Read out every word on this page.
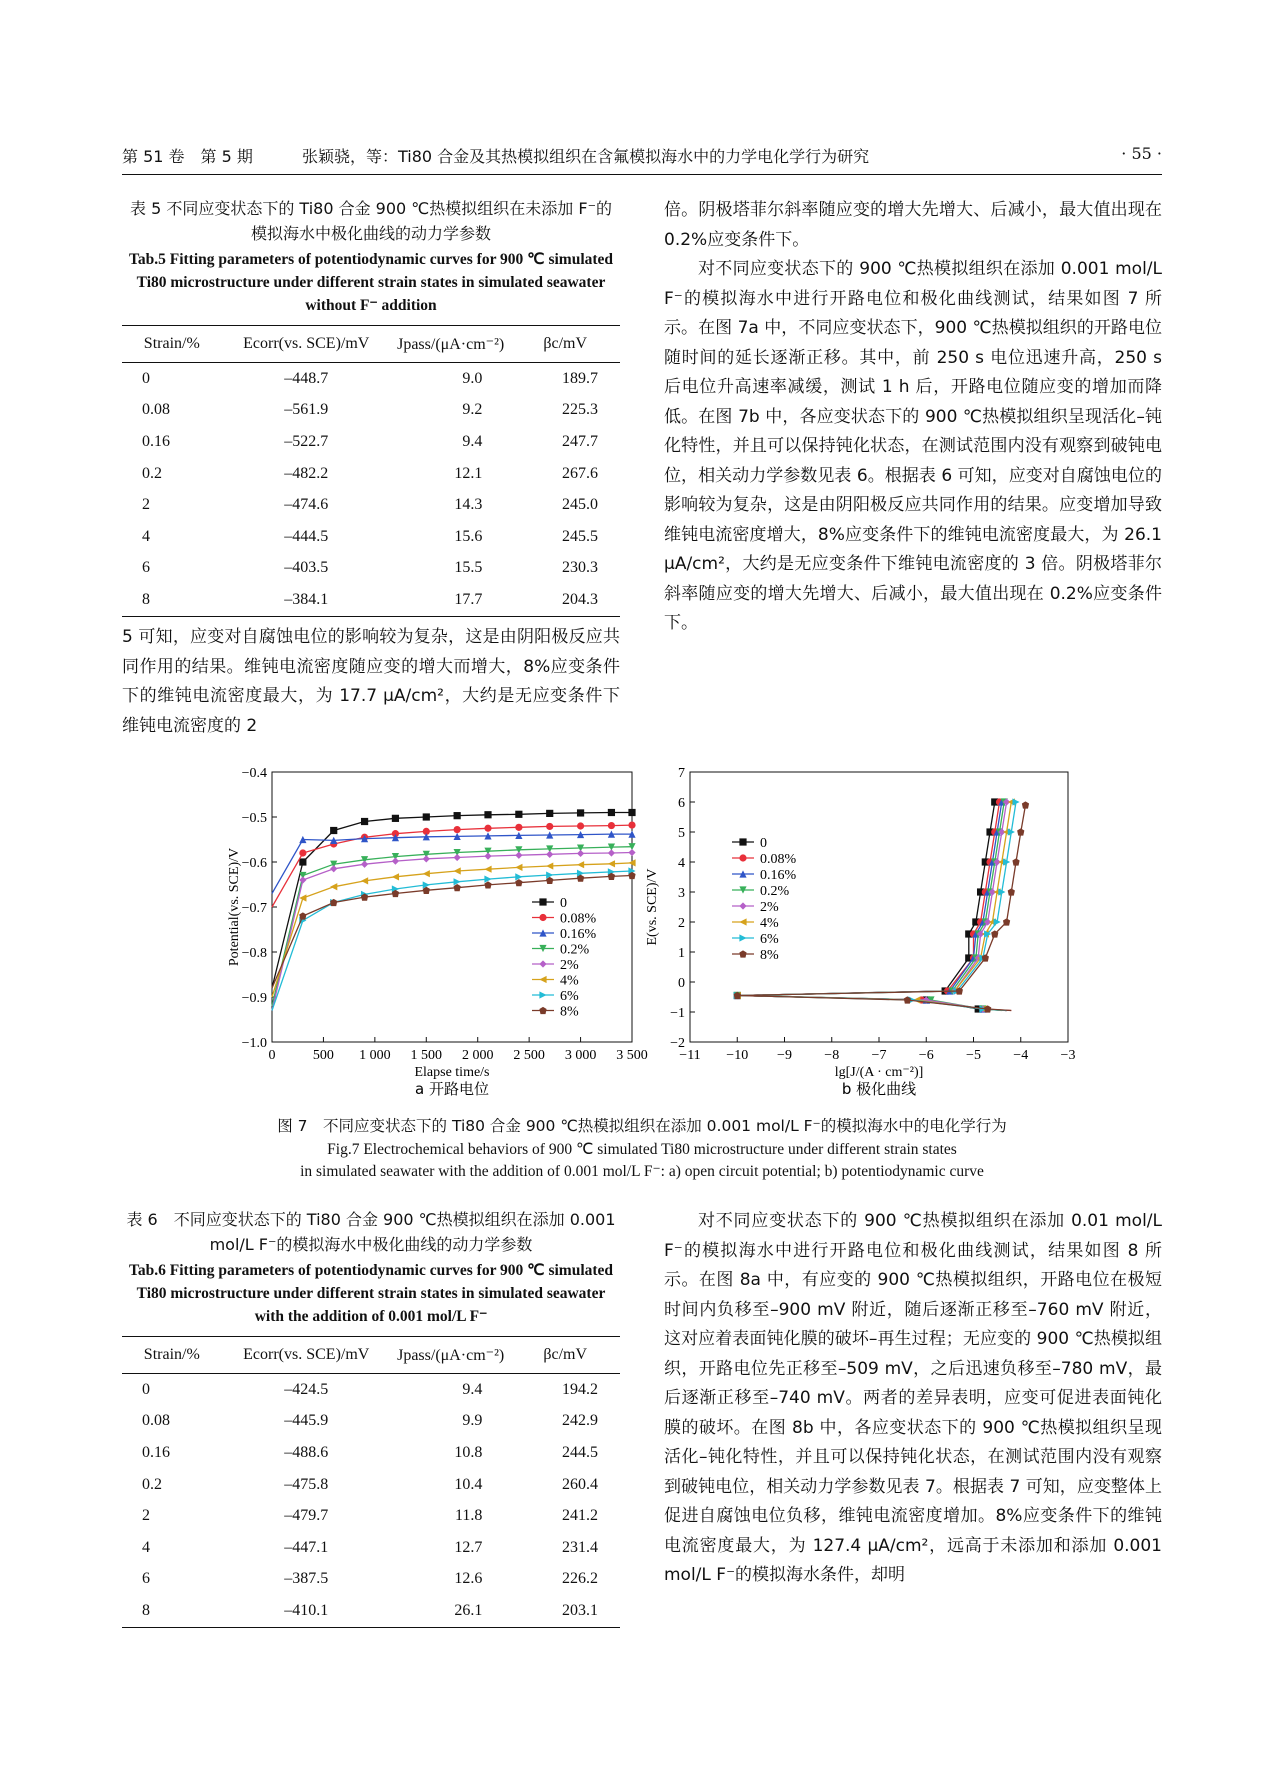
第 51 卷　第 5 期	张颖骁，等：Ti80 合金及其热模拟组织在含氟模拟海水中的力学电化学行为研究	· 55 ·
表 5 不同应变状态下的 Ti80 合金 900 ℃热模拟组织在未添加 F⁻的模拟海水中极化曲线的动力学参数
Tab.5 Fitting parameters of potentiodynamic curves for 900 ℃ simulated Ti80 microstructure under different strain states in simulated seawater without F⁻ addition
Strain/%	Ecorr(vs. SCE)/mV	Jpass/(μA·cm⁻²)	βc/mV
0	–448.7	9.0	189.7
0.08	–561.9	9.2	225.3
0.16	–522.7	9.4	247.7
0.2	–482.2	12.1	267.6
2	–474.6	14.3	245.0
4	–444.5	15.6	245.5
6	–403.5	15.5	230.3
8	–384.1	17.7	204.3

5 可知，应变对自腐蚀电位的影响较为复杂，这是由阴阳极反应共同作用的结果。维钝电流密度随应变的增大而增大，8%应变条件下的维钝电流密度最大，为 17.7 μA/cm²，大约是无应变条件下维钝电流密度的 2

倍。阴极塔菲尔斜率随应变的增大先增大、后减小，最大值出现在 0.2%应变条件下。

对不同应变状态下的 900 ℃热模拟组织在添加 0.001 mol/L F⁻的模拟海水中进行开路电位和极化曲线测试，结果如图 7 所示。在图 7a 中，不同应变状态下，900 ℃热模拟组织的开路电位随时间的延长逐渐正移。其中，前 250 s 电位迅速升高，250 s 后电位升高速率减缓，测试 1 h 后，开路电位随应变的增加而降低。在图 7b 中，各应变状态下的 900 ℃热模拟组织呈现活化–钝化特性，并且可以保持钝化状态，在测试范围内没有观察到破钝电位，相关动力学参数见表 6。根据表 6 可知，应变对自腐蚀电位的影响较为复杂，这是由阴阳极反应共同作用的结果。应变增加导致维钝电流密度增大，8%应变条件下的维钝电流密度最大，为 26.1 μA/cm²，大约是无应变条件下维钝电流密度的 3 倍。阴极塔菲尔斜率随应变的增大先增大、后减小，最大值出现在 0.2%应变条件下。

0	500 1 000 1 500 2 000 2 500 3 000 3 500
−1.0
−0.9
−0.8
−0.7
−0.6
−0.5
−0.4
Elapse time/s
Potential(vs. SCE)/V
a 开路电位
0
0.08%
0.16%
0.2%
2%
4%
6%
8%
−11 −10 −9 −8 −7 −6 −5 −4 −3
−2
−1
0
1
2
3
4
5
6
7
lg[J/(A · cm⁻²)]
E(vs. SCE)/V
b 极化曲线
0
0.08%
0.16%
0.2%
2%
4%
6%
8%
图 7　不同应变状态下的 Ti80 合金 900 ℃热模拟组织在添加 0.001 mol/L F⁻的模拟海水中的电化学行为
Fig.7 Electrochemical behaviors of 900 ℃ simulated Ti80 microstructure under different strain states
in simulated seawater with the addition of 0.001 mol/L F⁻: a) open circuit potential; b) potentiodynamic curve
表 6　不同应变状态下的 Ti80 合金 900 ℃热模拟组织在添加 0.001 mol/L F⁻的模拟海水中极化曲线的动力学参数
Tab.6 Fitting parameters of potentiodynamic curves for 900 ℃ simulated Ti80 microstructure under different strain states in simulated seawater with the addition of 0.001 mol/L F⁻
Strain/%	Ecorr(vs. SCE)/mV	Jpass/(μA·cm⁻²)	βc/mV
0	–424.5	9.4	194.2
0.08	–445.9	9.9	242.9
0.16	–488.6	10.8	244.5
0.2	–475.8	10.4	260.4
2	–479.7	11.8	241.2
4	–447.1	12.7	231.4
6	–387.5	12.6	226.2
8	–410.1	26.1	203.1

对不同应变状态下的 900 ℃热模拟组织在添加 0.01 mol/L F⁻的模拟海水中进行开路电位和极化曲线测试，结果如图 8 所示。在图 8a 中，有应变的 900 ℃热模拟组织，开路电位在极短时间内负移至–900 mV 附近，随后逐渐正移至–760 mV 附近，这对应着表面钝化膜的破坏–再生过程；无应变的 900 ℃热模拟组织，开路电位先正移至–509 mV，之后迅速负移至–780 mV，最后逐渐正移至–740 mV。两者的差异表明，应变可促进表面钝化膜的破坏。在图 8b 中，各应变状态下的 900 ℃热模拟组织呈现活化–钝化特性，并且可以保持钝化状态，在测试范围内没有观察到破钝电位，相关动力学参数见表 7。根据表 7 可知，应变整体上促进自腐蚀电位负移，维钝电流密度增加。8%应变条件下的维钝电流密度最大，为 127.4 μA/cm²，远高于未添加和添加 0.001 mol/L F⁻的模拟海水条件，却明
